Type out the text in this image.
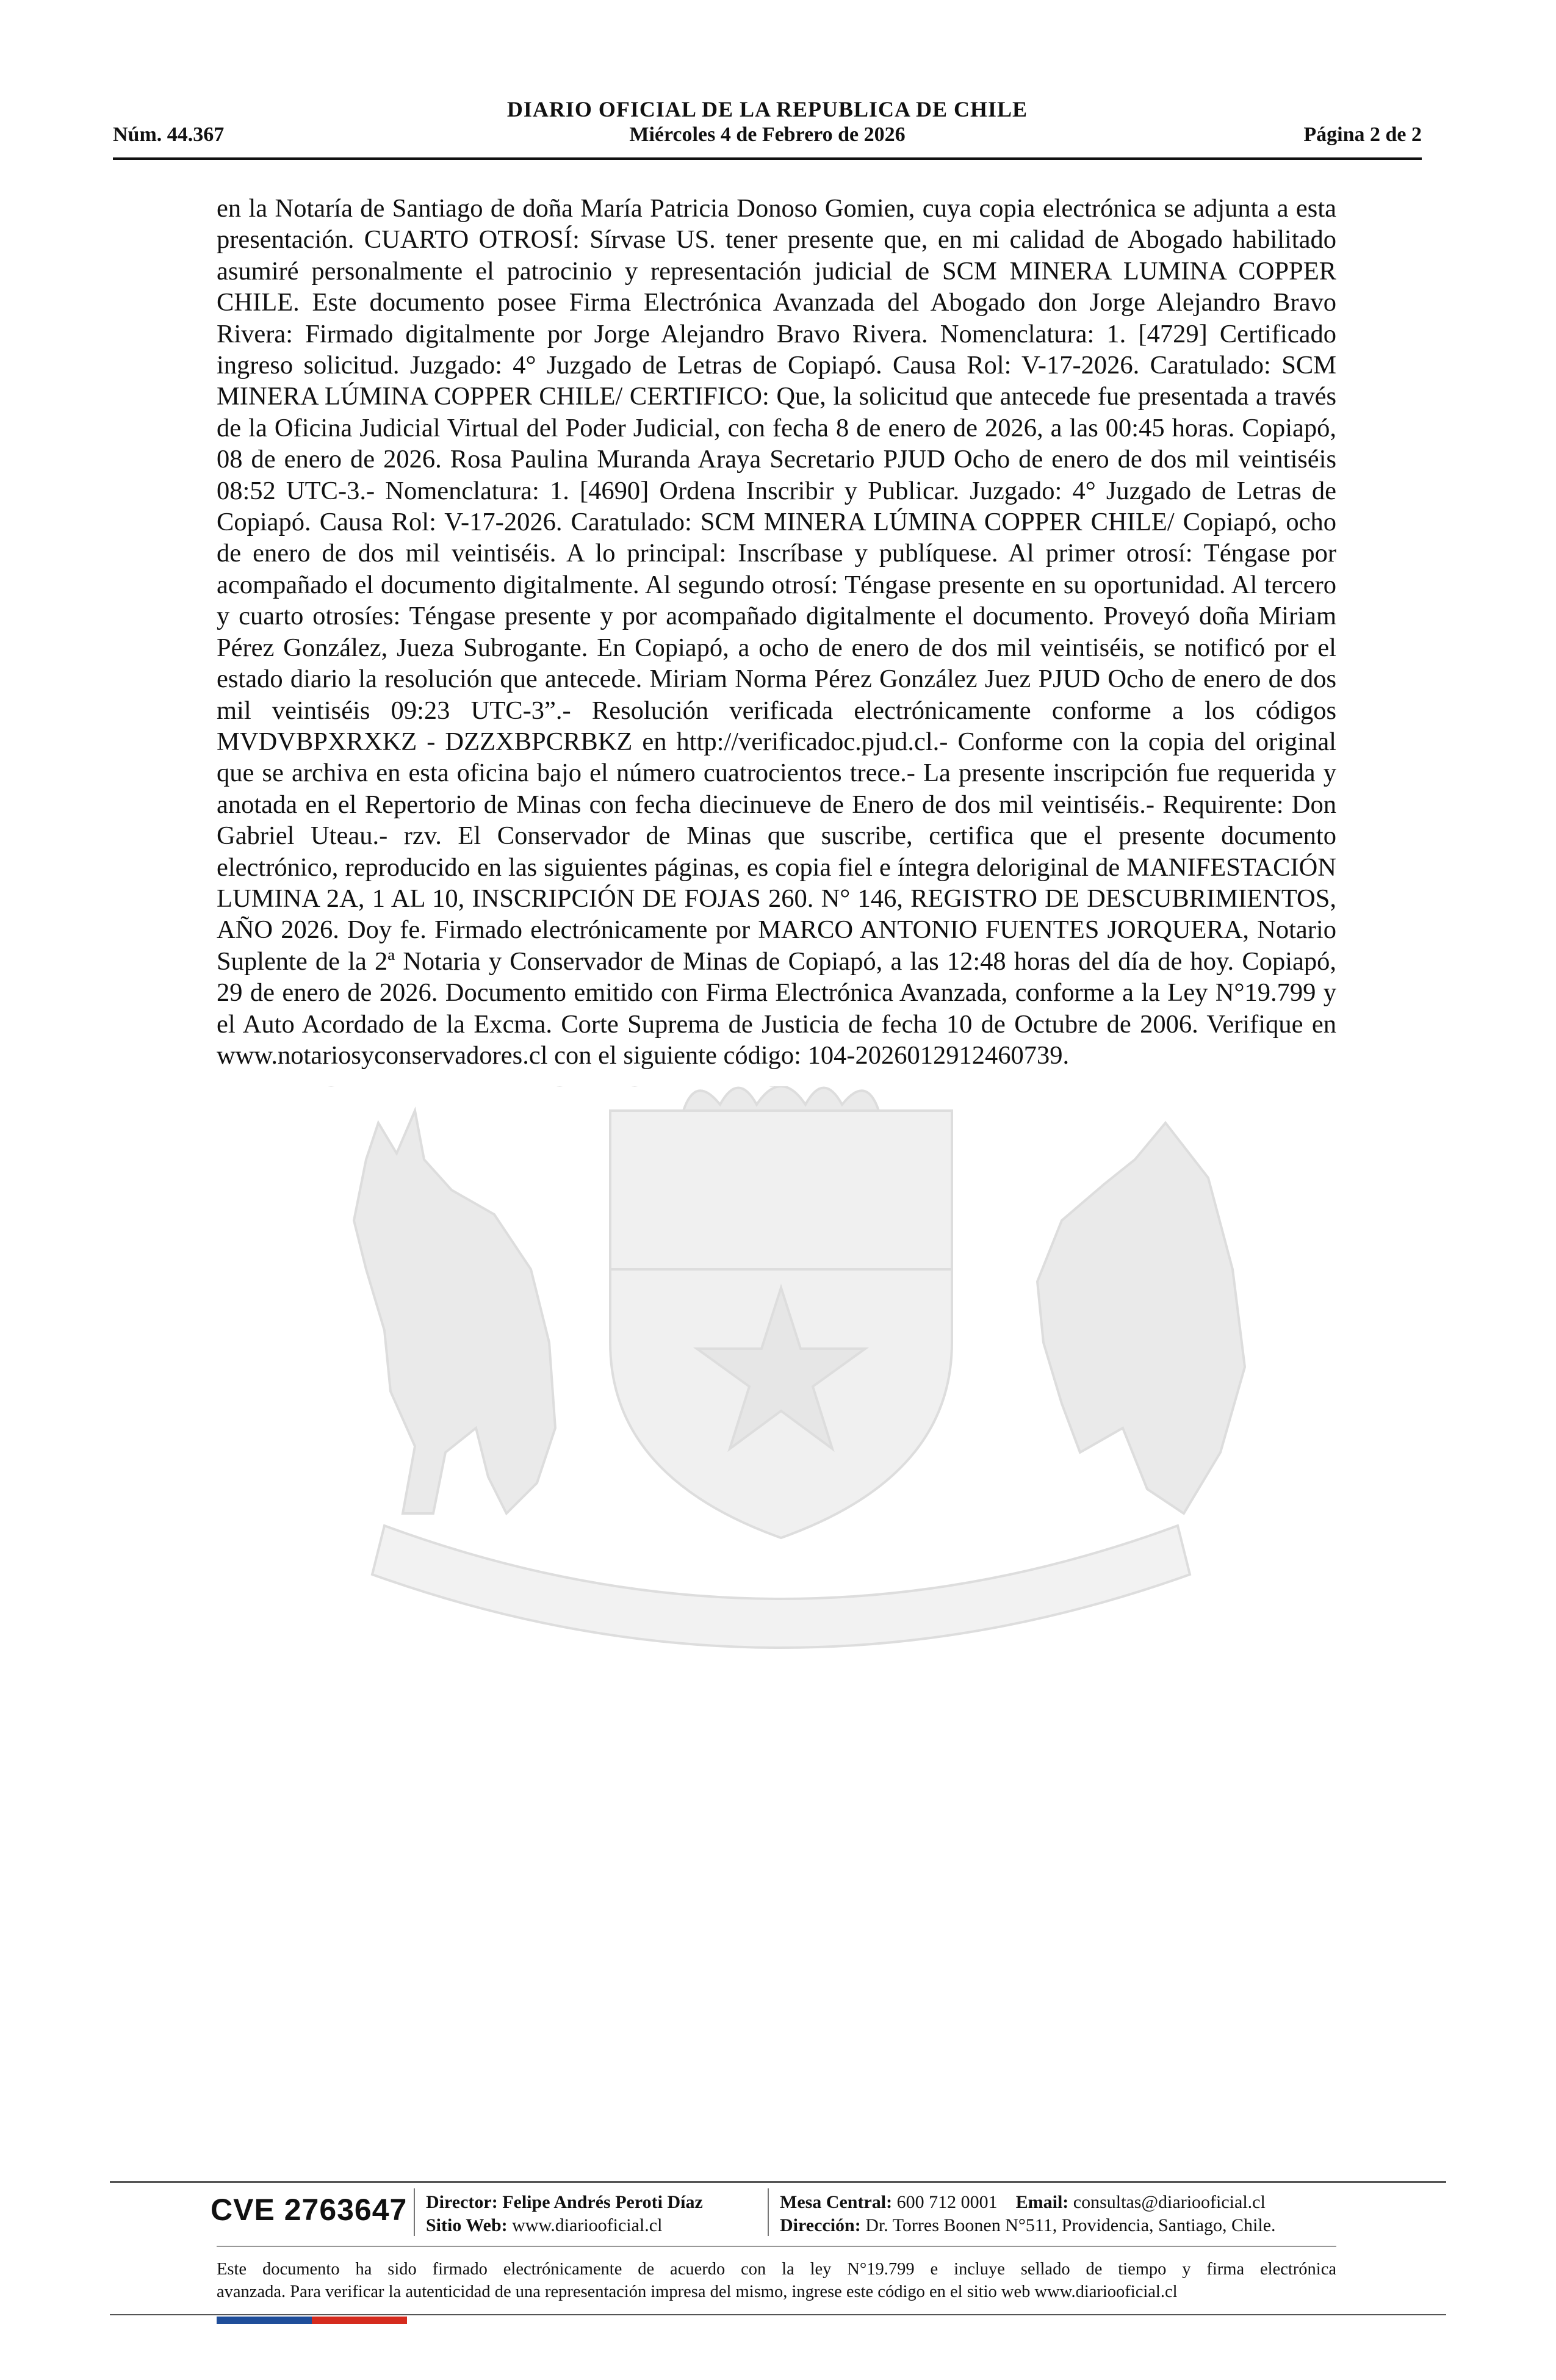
DIARIO OFICIAL DE LA REPUBLICA DE CHILE
Núm. 44.367	Miércoles 4 de Febrero de 2026	Página 2 de 2
en la Notaría de Santiago de doña María Patricia Donoso Gomien, cuya copia electrónica se adjunta a esta presentación. CUARTO OTROSÍ: Sírvase US. tener presente que, en mi calidad de Abogado habilitado asumiré personalmente el patrocinio y representación judicial de SCM MINERA LUMINA COPPER CHILE. Este documento posee Firma Electrónica Avanzada del Abogado don Jorge Alejandro Bravo Rivera: Firmado digitalmente por Jorge Alejandro Bravo Rivera. Nomenclatura: 1. [4729] Certificado ingreso solicitud. Juzgado: 4° Juzgado de Letras de Copiapó. Causa Rol: V-17-2026. Caratulado: SCM MINERA LÚMINA COPPER CHILE/ CERTIFICO: Que, la solicitud que antecede fue presentada a través de la Oficina Judicial Virtual del Poder Judicial, con fecha 8 de enero de 2026, a las 00:45 horas. Copiapó, 08 de enero de 2026. Rosa Paulina Muranda Araya Secretario PJUD Ocho de enero de dos mil veintiséis 08:52 UTC-3.- Nomenclatura: 1. [4690] Ordena Inscribir y Publicar. Juzgado: 4° Juzgado de Letras de Copiapó. Causa Rol: V-17-2026. Caratulado: SCM MINERA LÚMINA COPPER CHILE/ Copiapó, ocho de enero de dos mil veintiséis. A lo principal: Inscríbase y publíquese. Al primer otrosí: Téngase por acompañado el documento digitalmente. Al segundo otrosí: Téngase presente en su oportunidad. Al tercero y cuarto otrosíes: Téngase presente y por acompañado digitalmente el documento. Proveyó doña Miriam Pérez González, Jueza Subrogante. En Copiapó, a ocho de enero de dos mil veintiséis, se notificó por el estado diario la resolución que antecede. Miriam Norma Pérez González Juez PJUD Ocho de enero de dos mil veintiséis 09:23 UTC-3”.- Resolución verificada electrónicamente conforme a los códigos MVDVBPXRXKZ - DZZXBPCRBKZ en http://verificadoc.pjud.cl.- Conforme con la copia del original que se archiva en esta oficina bajo el número cuatrocientos trece.- La presente inscripción fue requerida y anotada en el Repertorio de Minas con fecha diecinueve de Enero de dos mil veintiséis.- Requirente: Don Gabriel Uteau.- rzv. El Conservador de Minas que suscribe, certifica que el presente documento electrónico, reproducido en las siguientes páginas, es copia fiel e íntegra deloriginal de MANIFESTACIÓN LUMINA 2A, 1 AL 10, INSCRIPCIÓN DE FOJAS 260. N° 146, REGISTRO DE DESCUBRIMIENTOS, AÑO 2026. Doy fe. Firmado electrónicamente por MARCO ANTONIO FUENTES JORQUERA, Notario Suplente de la 2ª Notaria y Conservador de Minas de Copiapó, a las 12:48 horas del día de hoy. Copiapó, 29 de enero de 2026. Documento emitido con Firma Electrónica Avanzada, conforme a la Ley N°19.799 y el Auto Acordado de la Excma. Corte Suprema de Justicia de fecha 10 de Octubre de 2006. Verifique en www.notariosyconservadores.cl con el siguiente código: 104-2026012912460739.
CVE 2763647 Director: Felipe Andrés Peroti Díaz
Sitio Web: www.diariooficial.cl
Mesa Central: 600 712 0001 Email: consultas@diariooficial.cl
Dirección: Dr. Torres Boonen N°511, Providencia, Santiago, Chile.
Este documento ha sido firmado electrónicamente de acuerdo con la ley N°19.799 e incluye sellado de tiempo y firma electrónica
avanzada. Para verificar la autenticidad de una representación impresa del mismo, ingrese este código en el sitio web www.diariooficial.cl
